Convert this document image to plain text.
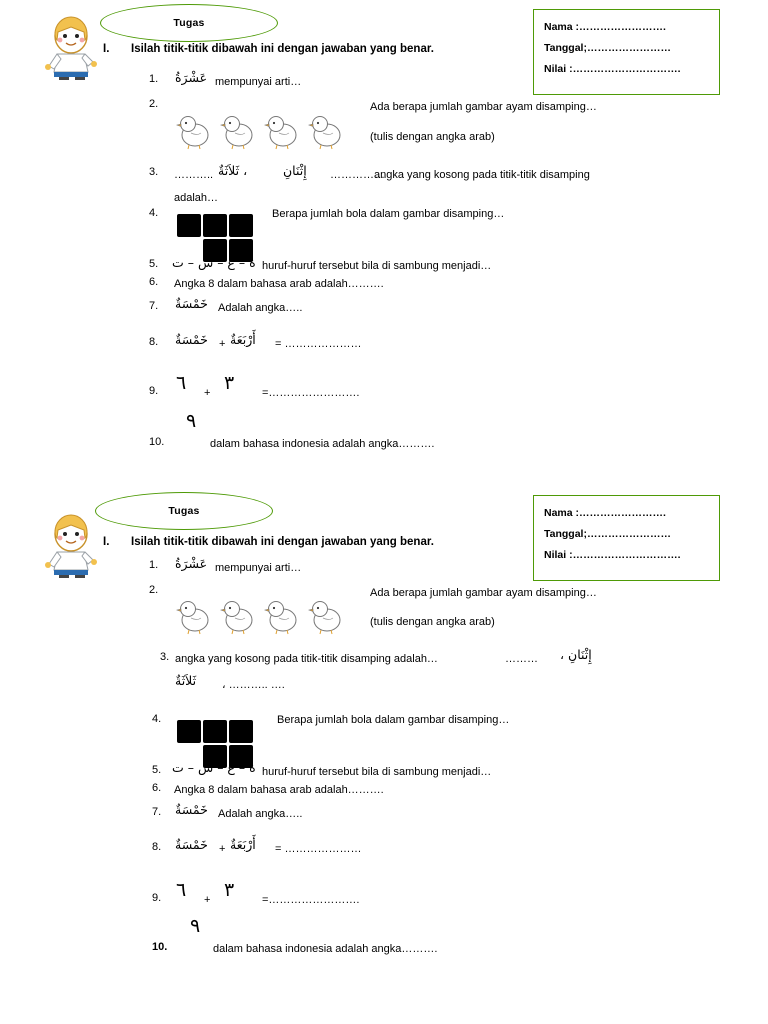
Tugas	Nama :…………………….
Tanggal;……………………
Nilai :………………………….
I. Isilah titik-titik dibawah ini dengan jawaban yang benar.
1. عَشْرَةُ mempunyai arti…
2.	Ada berapa jumlah gambar ayam disamping…
(tulis dengan angka arab)
3. ……….. ، ثَلاَثَةٌ	إِثْنَانِ ……………
angka yang kosong pada titik-titik disamping
adalah…
4.	Berapa jumlah bola dalam gambar disamping…
5. ة – ع – س – ت huruf-huruf tersebut bila di sambung menjadi…
6. Angka 8 dalam bahasa arab adalah……….
7. خَمْسَةٌ Adalah angka…..
8. خَمْسَةٌ + أَرْبَعَةٌ = …………………
9. ٦ + ٣	=…………………….
10.
٩
dalam bahasa indonesia adalah angka……….
Tugas	Nama :…………………….
Tanggal;……………………
Nilai :………………………….
I. Isilah titik-titik dibawah ini dengan jawaban yang benar.
1. عَشْرَةُ mempunyai arti…
2.	Ada berapa jumlah gambar ayam disamping…
(tulis dengan angka arab)
3. angka yang kosong pada titik-titik disamping adalah…	……… إِثْنَانِ ،
ثَلاَثَةٌ ، ……….. ….
4.	Berapa jumlah bola dalam gambar disamping…
5. ة – ع – س – ت huruf-huruf tersebut bila di sambung menjadi…
6. Angka 8 dalam bahasa arab adalah……….
7. خَمْسَةٌ Adalah angka…..
8. خَمْسَةٌ + أَرْبَعَةٌ = …………………
9. ٦ + ٣	=…………………….
10.
٩
dalam bahasa indonesia adalah angka……….
